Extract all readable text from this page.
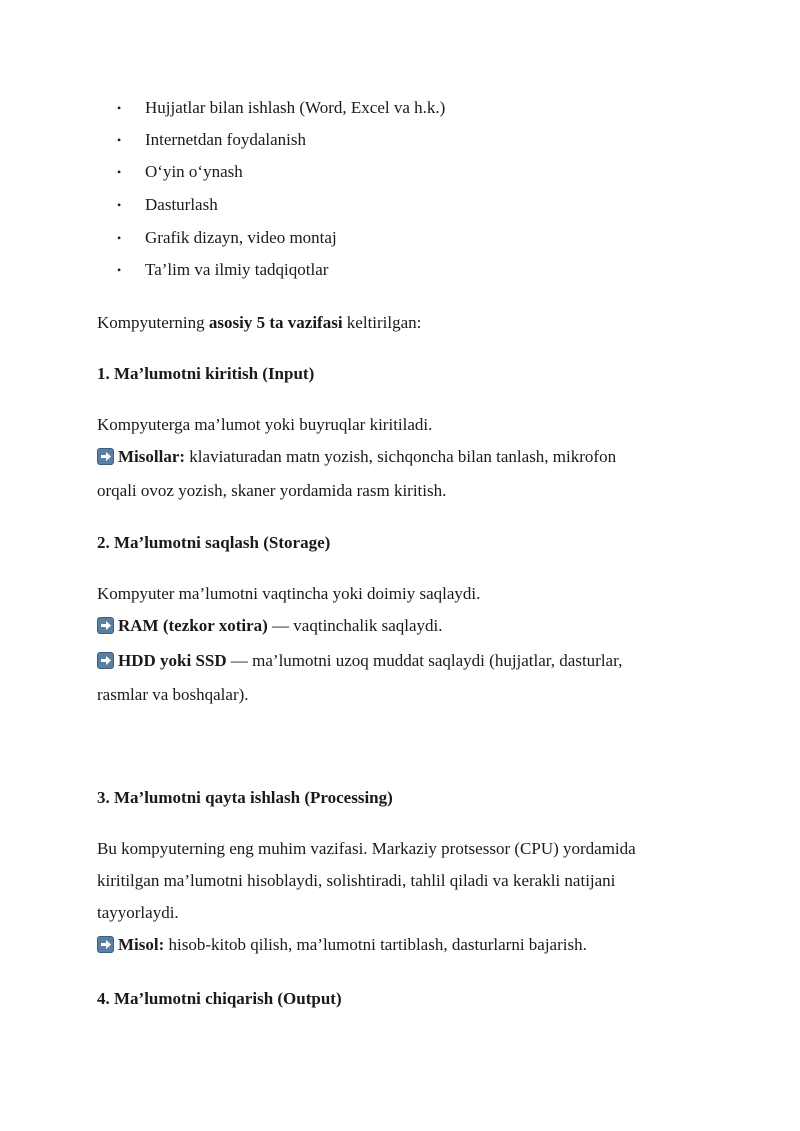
• Hujjatlar bilan ishlash (Word, Excel va h.k.)
• Internetdan foydalanish
• O‘yin o‘ynash
• Dasturlash
• Grafik dizayn, video montaj
• Ta’lim va ilmiy tadqiqotlar
Kompyuterning asosiy 5 ta vazifasi keltirilgan:
1. Ma’lumotni kiritish (Input)
Kompyuterga ma’lumot yoki buyruqlar kiritiladi.
Misollar: klaviaturadan matn yozish, sichqoncha bilan tanlash, mikrofon
orqali ovoz yozish, skaner yordamida rasm kiritish.
2. Ma’lumotni saqlash (Storage)
Kompyuter ma’lumotni vaqtincha yoki doimiy saqlaydi.
RAM (tezkor xotira) — vaqtinchalik saqlaydi.
HDD yoki SSD — ma’lumotni uzoq muddat saqlaydi (hujjatlar, dasturlar,
rasmlar va boshqalar).
3. Ma’lumotni qayta ishlash (Processing)
Bu kompyuterning eng muhim vazifasi. Markaziy protsessor (CPU) yordamida
kiritilgan ma’lumotni hisoblaydi, solishtiradi, tahlil qiladi va kerakli natijani
tayyorlaydi.
Misol: hisob-kitob qilish, ma’lumotni tartiblash, dasturlarni bajarish.
4. Ma’lumotni chiqarish (Output)
